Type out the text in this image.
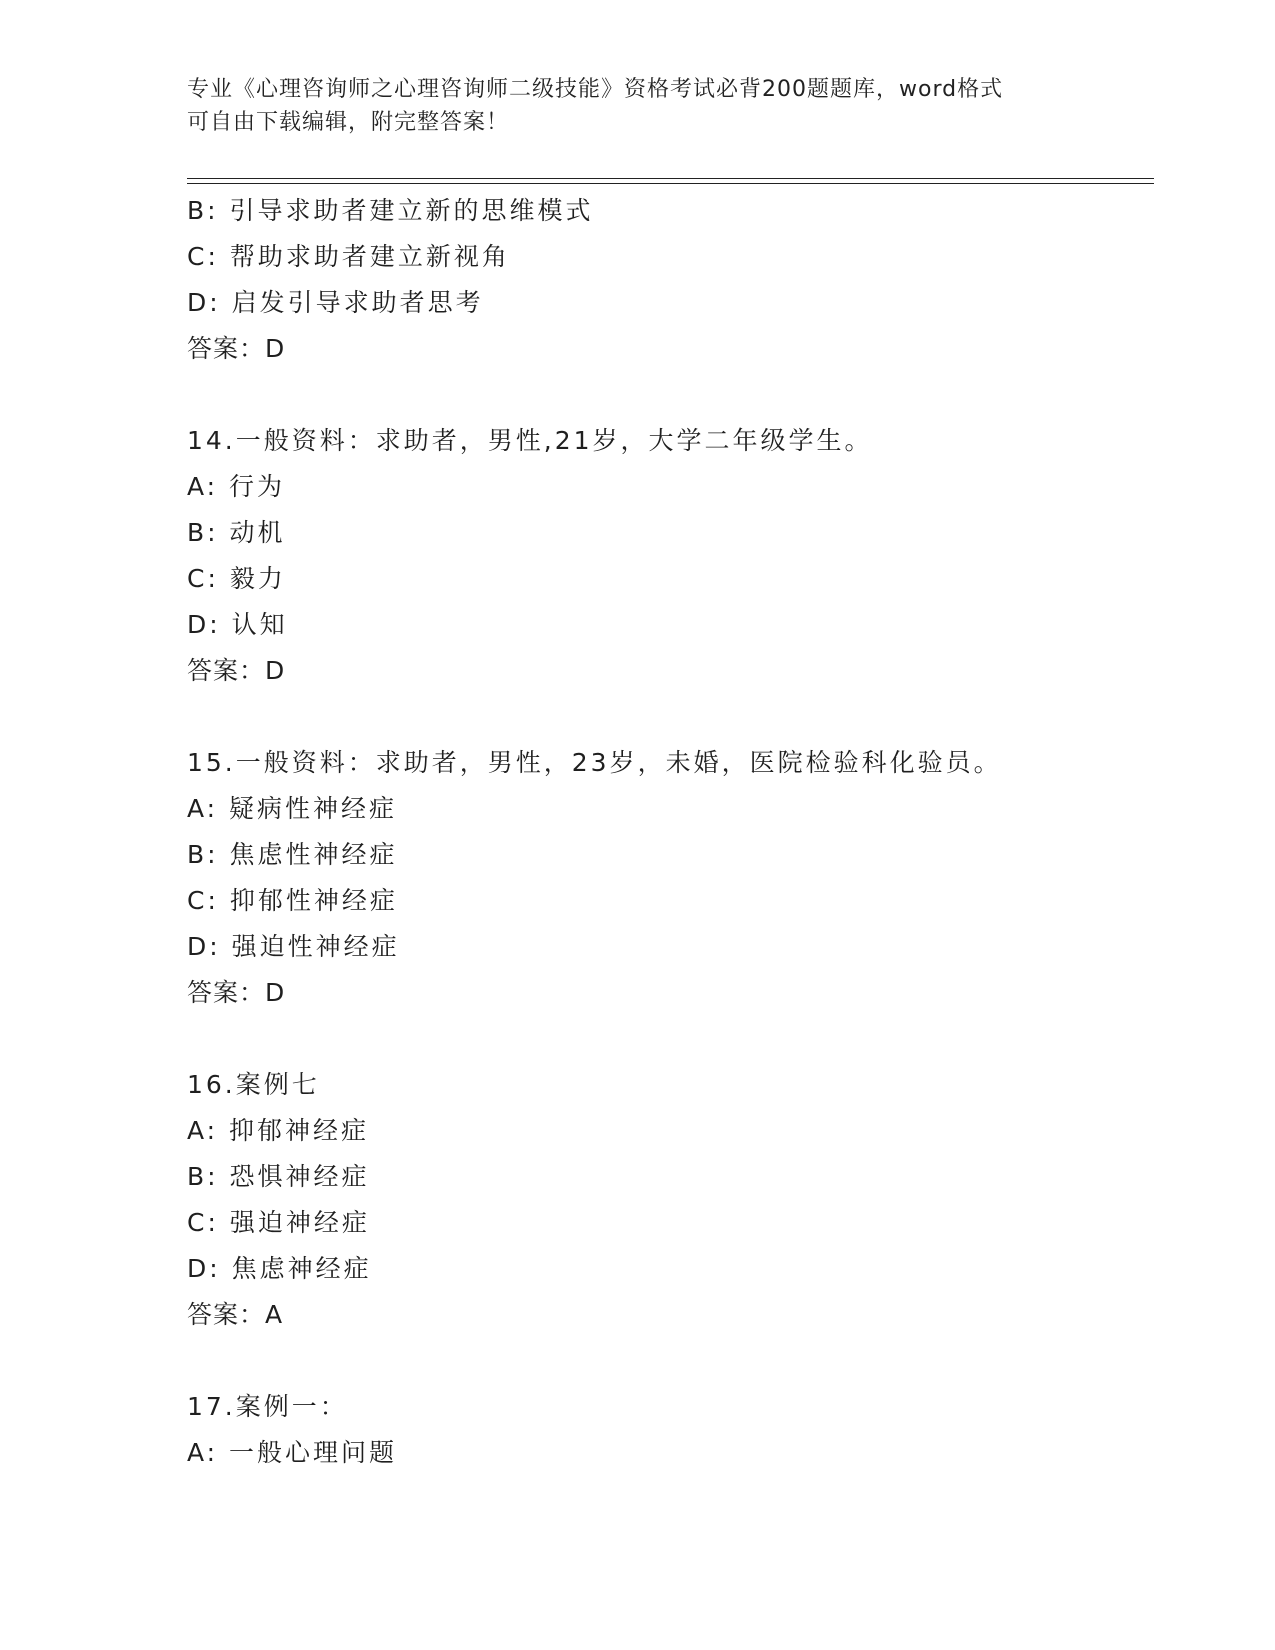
专业《心理咨询师之心理咨询师二级技能》资格考试必背200题题库，word格式
可自由下载编辑，附完整答案！
B: 引导求助者建立新的思维模式
C: 帮助求助者建立新视角
D: 启发引导求助者思考
答案：D
14.一般资料：求助者，男性,21岁，大学二年级学生。
A: 行为
B: 动机
C: 毅力
D: 认知
答案：D
15.一般资料：求助者，男性，23岁，未婚，医院检验科化验员。
A: 疑病性神经症
B: 焦虑性神经症
C: 抑郁性神经症
D: 强迫性神经症
答案：D
16.案例七
A: 抑郁神经症
B: 恐惧神经症
C: 强迫神经症
D: 焦虑神经症
答案：A
17.案例一：
A: 一般心理问题
